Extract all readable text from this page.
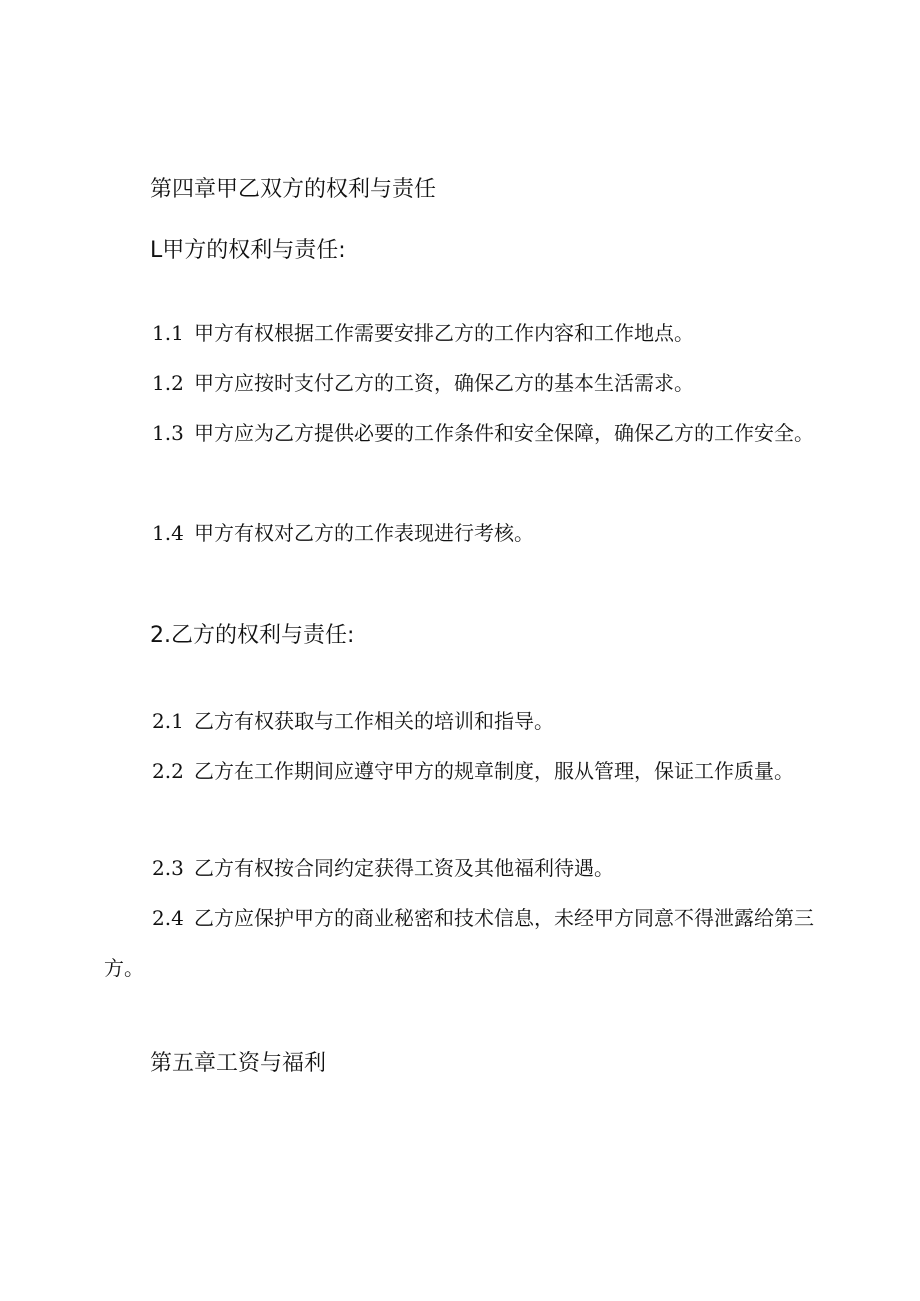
第四章甲乙双方的权利与责任
L甲方的权利与责任:

1.1 甲方有权根据工作需要安排乙方的工作内容和工作地点。

1.2 甲方应按时支付乙方的工资，确保乙方的基本生活需求。

1.3 甲方应为乙方提供必要的工作条件和安全保障，确保乙方的工作安全。

1.4 甲方有权对乙方的工作表现进行考核。

2.乙方的权利与责任:

2.1 乙方有权获取与工作相关的培训和指导。

2.2 乙方在工作期间应遵守甲方的规章制度，服从管理，保证工作质量。

2.3 乙方有权按合同约定获得工资及其他福利待遇。

2.4 乙方应保护甲方的商业秘密和技术信息，未经甲方同意不得泄露给第三方。

第五章工资与福利
